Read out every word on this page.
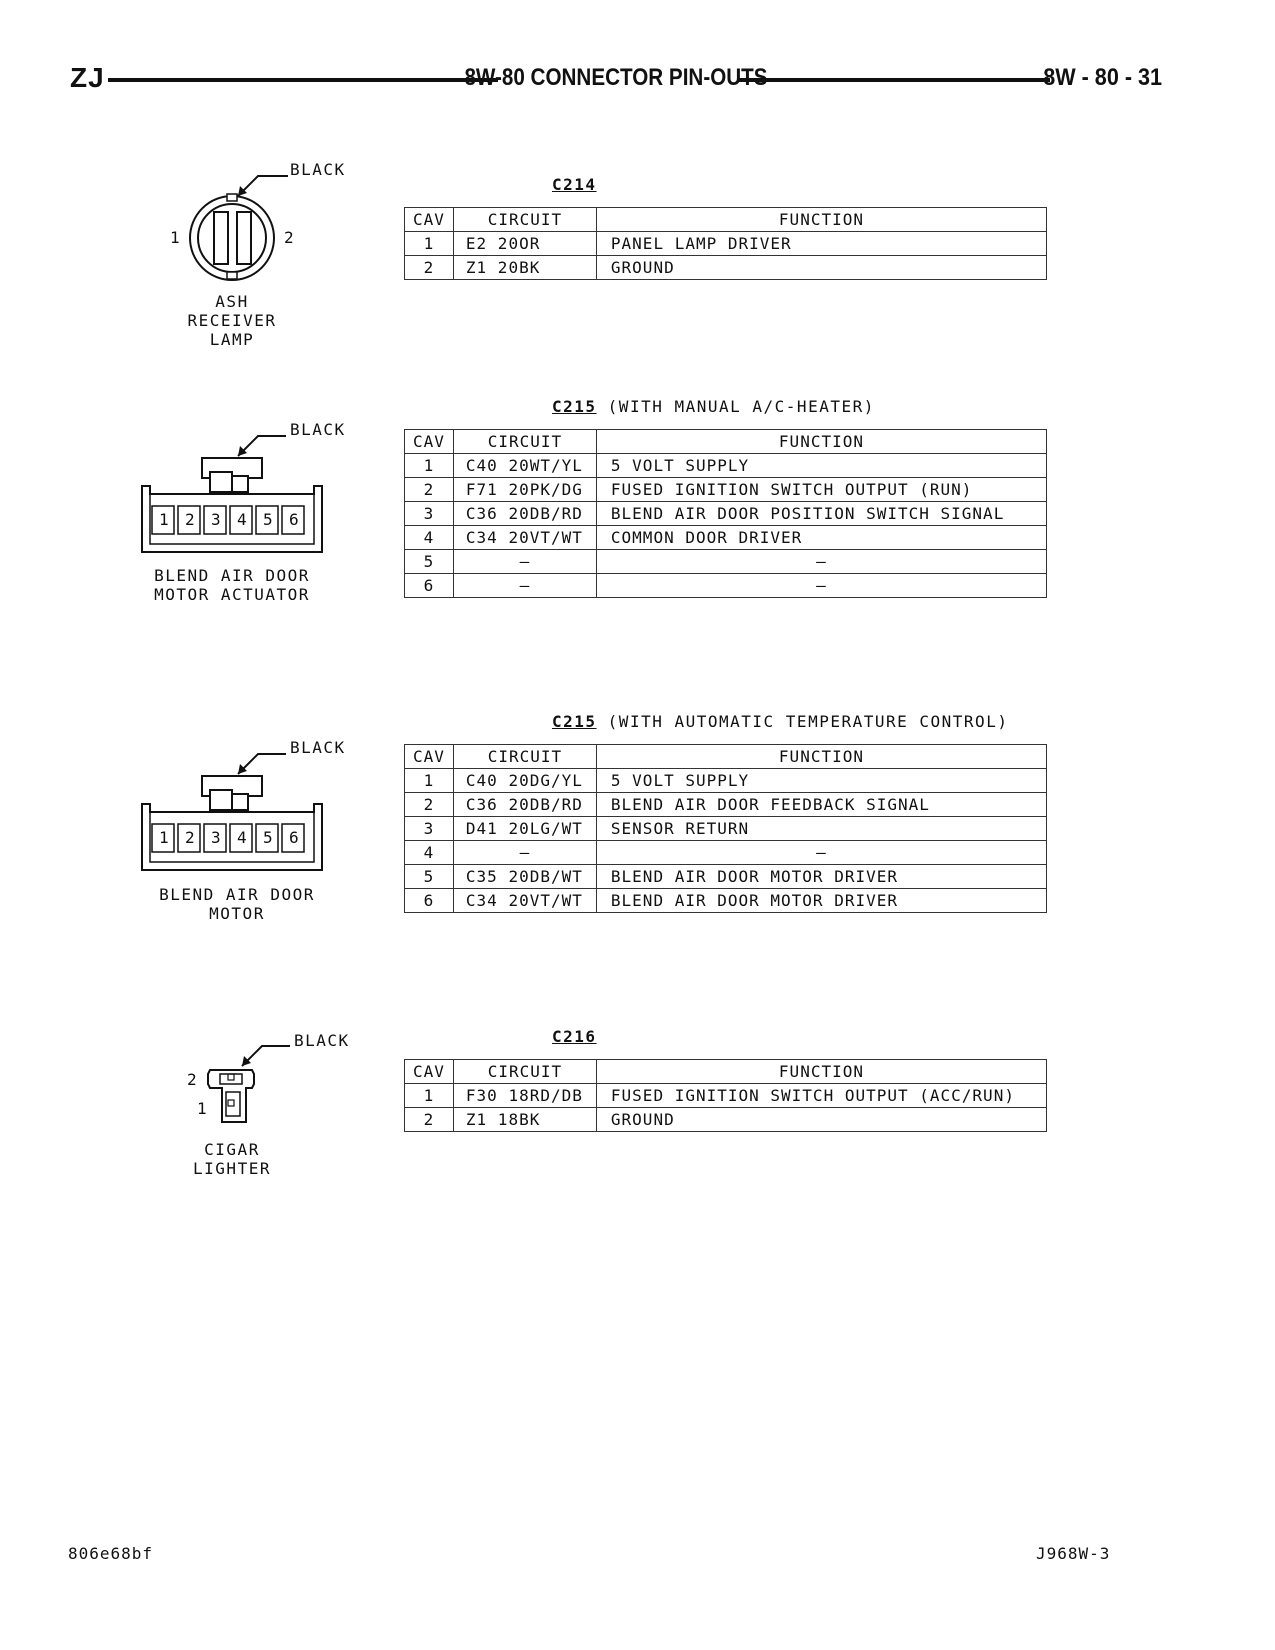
ZJ	8W-80 CONNECTOR PIN-OUTS	8W - 80 - 31
BLACK
1	2
ASH RECEIVER LAMP
C214
CAV	CIRCUIT	FUNCTION
1	E2 20OR	PANEL LAMP DRIVER
2	Z1 20BK	GROUND
BLACK
1 2 3 4 5 6
BLEND AIR DOOR MOTOR ACTUATOR
C215 (WITH MANUAL A/C-HEATER)
CAV	CIRCUIT	FUNCTION
1	C40 20WT/YL	5 VOLT SUPPLY
2	F71 20PK/DG	FUSED IGNITION SWITCH OUTPUT (RUN)
3	C36 20DB/RD	BLEND AIR DOOR POSITION SWITCH SIGNAL
4	C34 20VT/WT	COMMON DOOR DRIVER
5	–	–
6	–	–
BLACK
1 2 3 4 5 6
BLEND AIR DOOR MOTOR
C215 (WITH AUTOMATIC TEMPERATURE CONTROL)
CAV	CIRCUIT	FUNCTION
1	C40 20DG/YL	5 VOLT SUPPLY
2	C36 20DB/RD	BLEND AIR DOOR FEEDBACK SIGNAL
3	D41 20LG/WT	SENSOR RETURN
4	–	–
5	C35 20DB/WT	BLEND AIR DOOR MOTOR DRIVER
6	C34 20VT/WT	BLEND AIR DOOR MOTOR DRIVER
BLACK
2
1
CIGAR LIGHTER
C216
CAV	CIRCUIT	FUNCTION
1	F30 18RD/DB	FUSED IGNITION SWITCH OUTPUT (ACC/RUN)
2	Z1 18BK	GROUND
806e68bf	J968W-3
